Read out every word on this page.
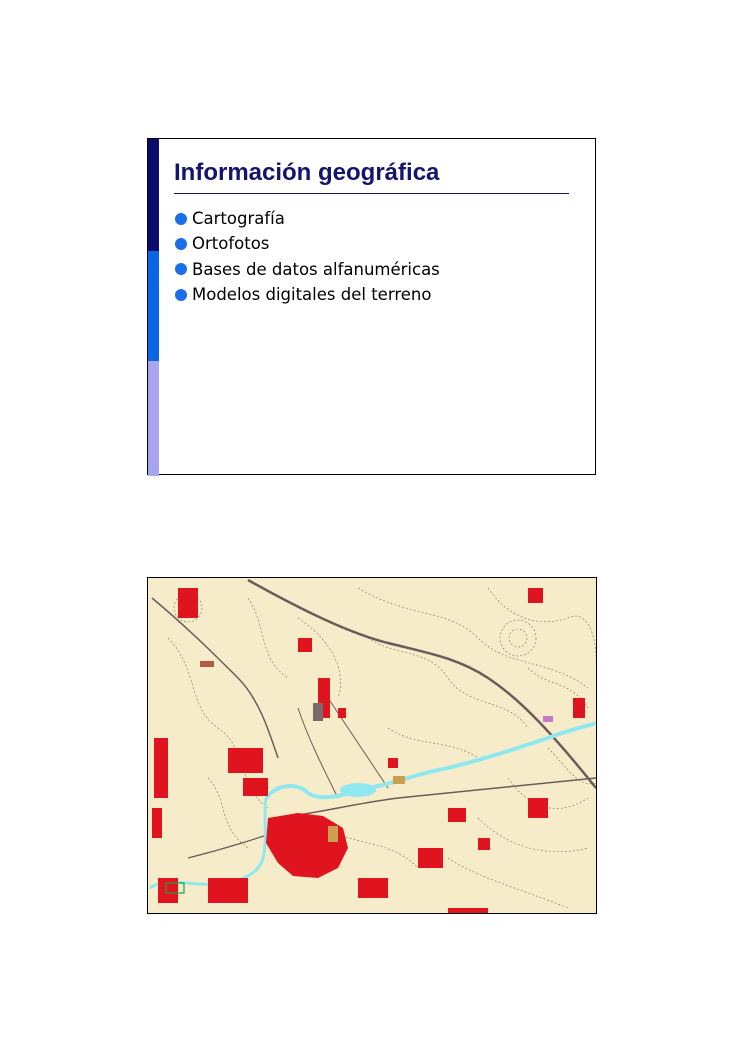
Información geográfica
Cartografía
Ortofotos
Bases de datos alfanuméricas
Modelos digitales del terreno
